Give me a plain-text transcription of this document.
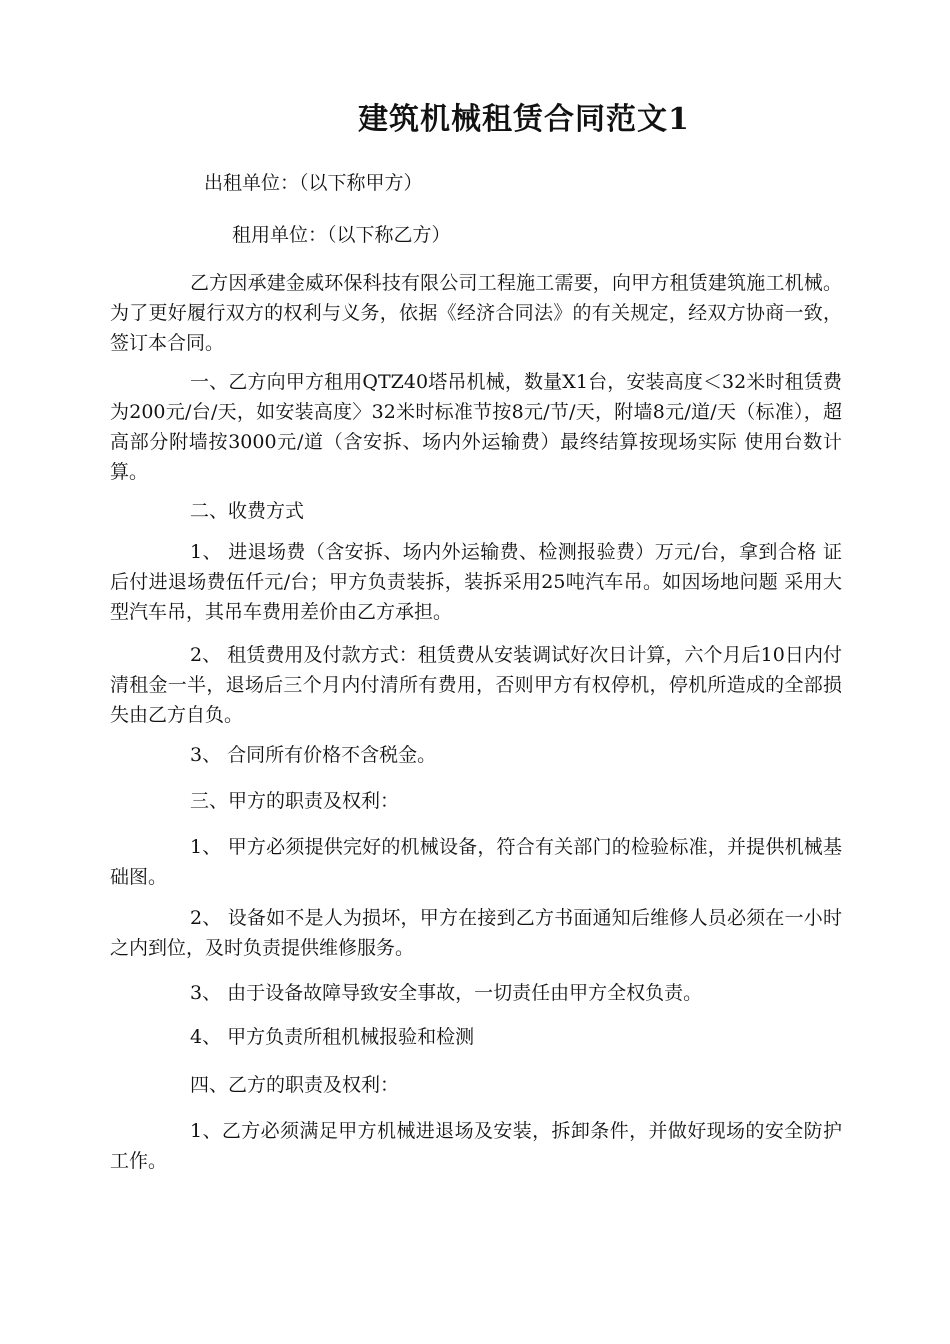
建筑机械租赁合同范文1

出租单位：（以下称甲方）

租用单位：（以下称乙方）

乙方因承建金威环保科技有限公司工程施工需要，向甲方租赁建筑施工机械。为了更好履行双方的权利与义务，依据《经济合同法》的有关规定，经双方协商一致，签订本合同。

一、乙方向甲方租用QTZ40塔吊机械，数量X1台，安装高度＜32米时租赁费为200元/台/天，如安装高度〉32米时标准节按8元/节/天，附墙8元/道/天（标准），超高部分附墙按3000元/道（含安拆、场内外运输费）最终结算按现场实际 使用台数计算。

二、收费方式

1、 进退场费（含安拆、场内外运输费、检测报验费）万元/台，拿到合格 证后付进退场费伍仟元/台；甲方负责装拆，装拆采用25吨汽车吊。如因场地问题 采用大型汽车吊，其吊车费用差价由乙方承担。

2、 租赁费用及付款方式：租赁费从安装调试好次日计算，六个月后10日内付清租金一半，退场后三个月内付清所有费用，否则甲方有权停机，停机所造成的全部损失由乙方自负。

3、 合同所有价格不含税金。

三、甲方的职责及权利：

1、 甲方必须提供完好的机械设备，符合有关部门的检验标准，并提供机械基础图。

2、 设备如不是人为损坏，甲方在接到乙方书面通知后维修人员必须在一小时之内到位，及时负责提供维修服务。

3、 由于设备故障导致安全事故，一切责任由甲方全权负责。

4、 甲方负责所租机械报验和检测

四、乙方的职责及权利：

1、乙方必须满足甲方机械进退场及安装，拆卸条件，并做好现场的安全防护工作。
